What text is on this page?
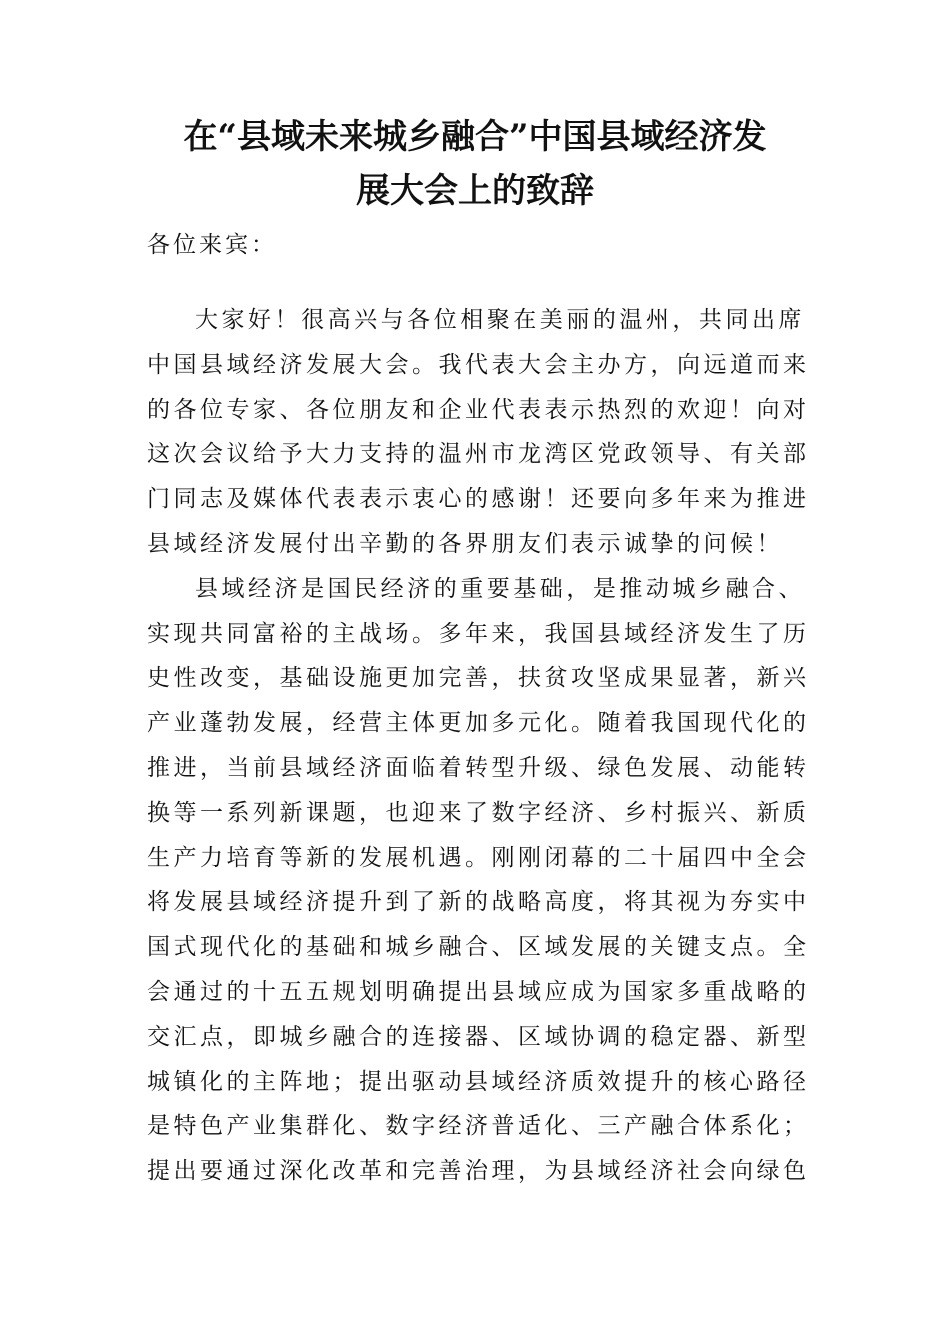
在“县域未来城乡融合”中国县域经济发
展大会上的致辞

各位来宾：

大家好！很高兴与各位相聚在美丽的温州，共同出席
中国县域经济发展大会。我代表大会主办方，向远道而来
的各位专家、各位朋友和企业代表表示热烈的欢迎！向对
这次会议给予大力支持的温州市龙湾区党政领导、有关部
门同志及媒体代表表示衷心的感谢！还要向多年来为推进
县域经济发展付出辛勤的各界朋友们表示诚挚的问候！
县域经济是国民经济的重要基础，是推动城乡融合、
实现共同富裕的主战场。多年来，我国县域经济发生了历
史性改变，基础设施更加完善，扶贫攻坚成果显著，新兴
产业蓬勃发展，经营主体更加多元化。随着我国现代化的
推进，当前县域经济面临着转型升级、绿色发展、动能转
换等一系列新课题，也迎来了数字经济、乡村振兴、新质
生产力培育等新的发展机遇。刚刚闭幕的二十届四中全会
将发展县域经济提升到了新的战略高度，将其视为夯实中
国式现代化的基础和城乡融合、区域发展的关键支点。全
会通过的十五五规划明确提出县域应成为国家多重战略的
交汇点，即城乡融合的连接器、区域协调的稳定器、新型
城镇化的主阵地；提出驱动县域经济质效提升的核心路径
是特色产业集群化、数字经济普适化、三产融合体系化；
提出要通过深化改革和完善治理，为县域经济社会向绿色
